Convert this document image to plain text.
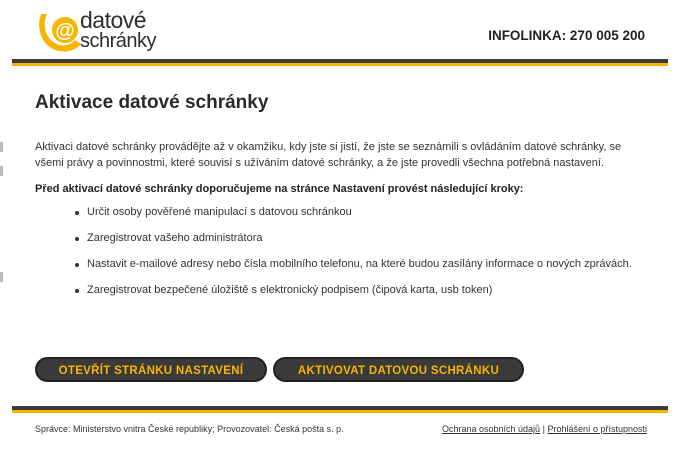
@ datové
schránky	INFOLINKA: 270 005 200
Aktivace datové schránky
Aktivaci datové schránky provádějte až v okamžiku, kdy jste si jistí, že jste se seznámili s ovládáním datové schránky, se všemi právy a povinnostmi, které souvisí s užíváním datové schránky, a že jste provedli všechna potřebná nastavení.
Před aktivací datové schránky doporučujeme na stránce Nastavení provést následující kroky:
Určit osoby pověřené manipulací s datovou schránkou
Zaregistrovat vašeho administrátora
Nastavit e-mailové adresy nebo čísla mobilního telefonu, na které budou zasílány informace o nových zprávách.
Zaregistrovat bezpečené úložiště s elektronický podpisem (čipová karta, usb token)
OTEVŘÍT STRÁNKU NASTAVENÍ	AKTIVOVAT DATOVOU SCHRÁNKU
Správce: Ministerstvo vnitra České republiky; Provozovatel: Česká pošta s. p.	Ochrana osobních údajů | Prohlášení o přístupnosti
